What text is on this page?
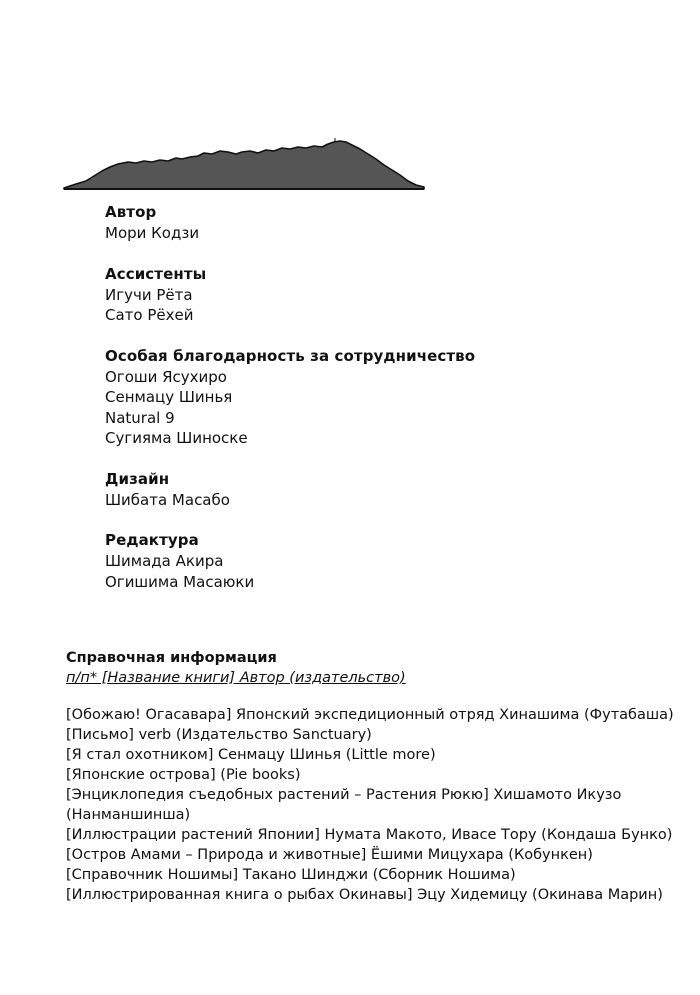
Автор
Мори Кодзи
Ассистенты
Игучи Рёта
Сато Рёхей
Особая благодарность за сотрудничество
Огоши Ясухиро
Сенмацу Шинья
Natural 9
Сугияма Шиноске
Дизайн
Шибата Масабо
Редактура
Шимада Акира
Огишима Масаюки
Справочная информация
п/п* [Название книги] Автор (издательство)
[Обожаю! Огасавара] Японский экспедиционный отряд Хинашима (Футабаша)
[Письмо] verb (Издательство Sanctuary)
[Я стал охотником] Сенмацу Шинья (Little more)
[Японские острова] (Pie books)
[Энциклопедия съедобных растений – Растения Рюкю] Хишамото Икузо (Нанманшинша)
[Иллюстрации растений Японии] Нумата Макото, Ивасе Тору (Кондаша Бунко)
[Остров Амами – Природа и животные] Ёшими Мицухара (Кобункен)
[Справочник Ношимы] Такано Шинджи (Сборник Ношима)
[Иллюстрированная книга о рыбах Окинавы] Эцу Хидемицу (Окинава Марин)
